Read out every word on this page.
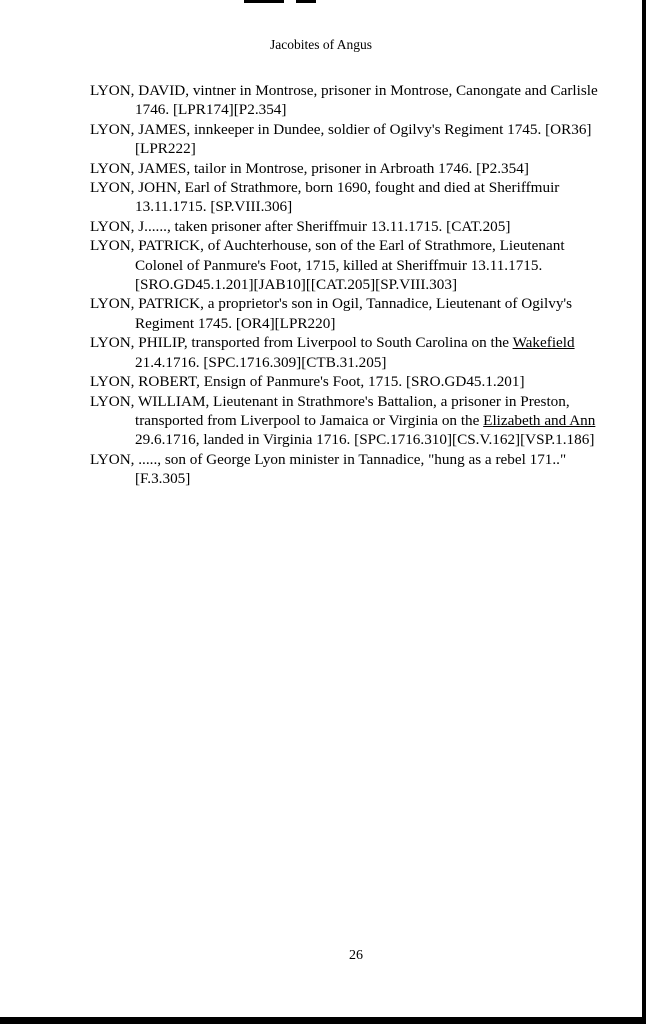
Jacobites of Angus
LYON, DAVID, vintner in Montrose, prisoner in Montrose, Canongate and Carlisle 1746. [LPR174][P2.354]
LYON, JAMES, innkeeper in Dundee, soldier of Ogilvy's Regiment 1745. [OR36][LPR222]
LYON, JAMES, tailor in Montrose, prisoner in Arbroath 1746. [P2.354]
LYON, JOHN, Earl of Strathmore, born 1690, fought and died at Sheriffmuir 13.11.1715. [SP.VIII.306]
LYON, J......, taken prisoner after Sheriffmuir 13.11.1715. [CAT.205]
LYON, PATRICK, of Auchterhouse, son of the Earl of Strathmore, Lieutenant Colonel of Panmure's Foot, 1715, killed at Sheriffmuir 13.11.1715.[SRO.GD45.1.201][JAB10][[CAT.205][SP.VIII.303]
LYON, PATRICK, a proprietor's son in Ogil, Tannadice, Lieutenant of Ogilvy's Regiment 1745. [OR4][LPR220]
LYON, PHILIP, transported from Liverpool to South Carolina on the Wakefield 21.4.1716. [SPC.1716.309][CTB.31.205]
LYON, ROBERT, Ensign of Panmure's Foot, 1715. [SRO.GD45.1.201]
LYON, WILLIAM, Lieutenant in Strathmore's Battalion, a prisoner in Preston, transported from Liverpool to Jamaica or Virginia on the Elizabeth and Ann 29.6.1716, landed in Virginia 1716. [SPC.1716.310][CS.V.162][VSP.1.186]
LYON, ....., son of George Lyon minister in Tannadice, "hung as a rebel 171.." [F.3.305]
26
